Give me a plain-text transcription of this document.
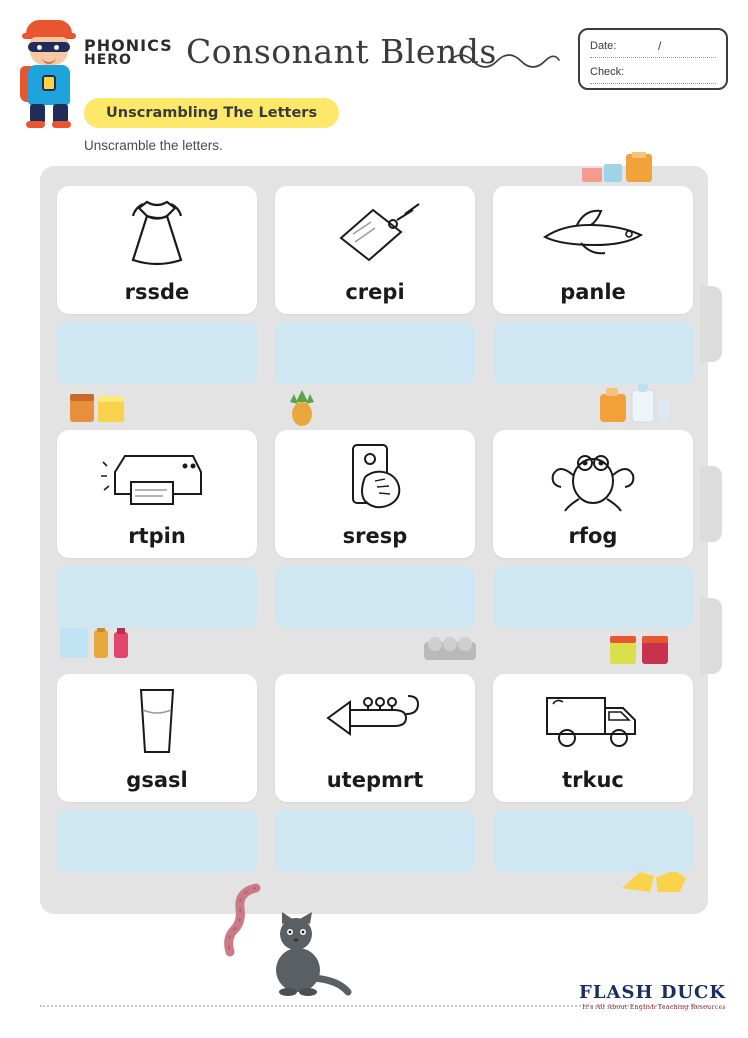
PHONICS
HERO	Consonant Blends	Date:	/
Check:
Unscrambling The Letters
Unscramble the letters.
rssde	crepi	panle
rtpin	sresp	rfog
gsasl	utepmrt	trkuc
FLASH DUCK
It's All About English Teaching Resources
